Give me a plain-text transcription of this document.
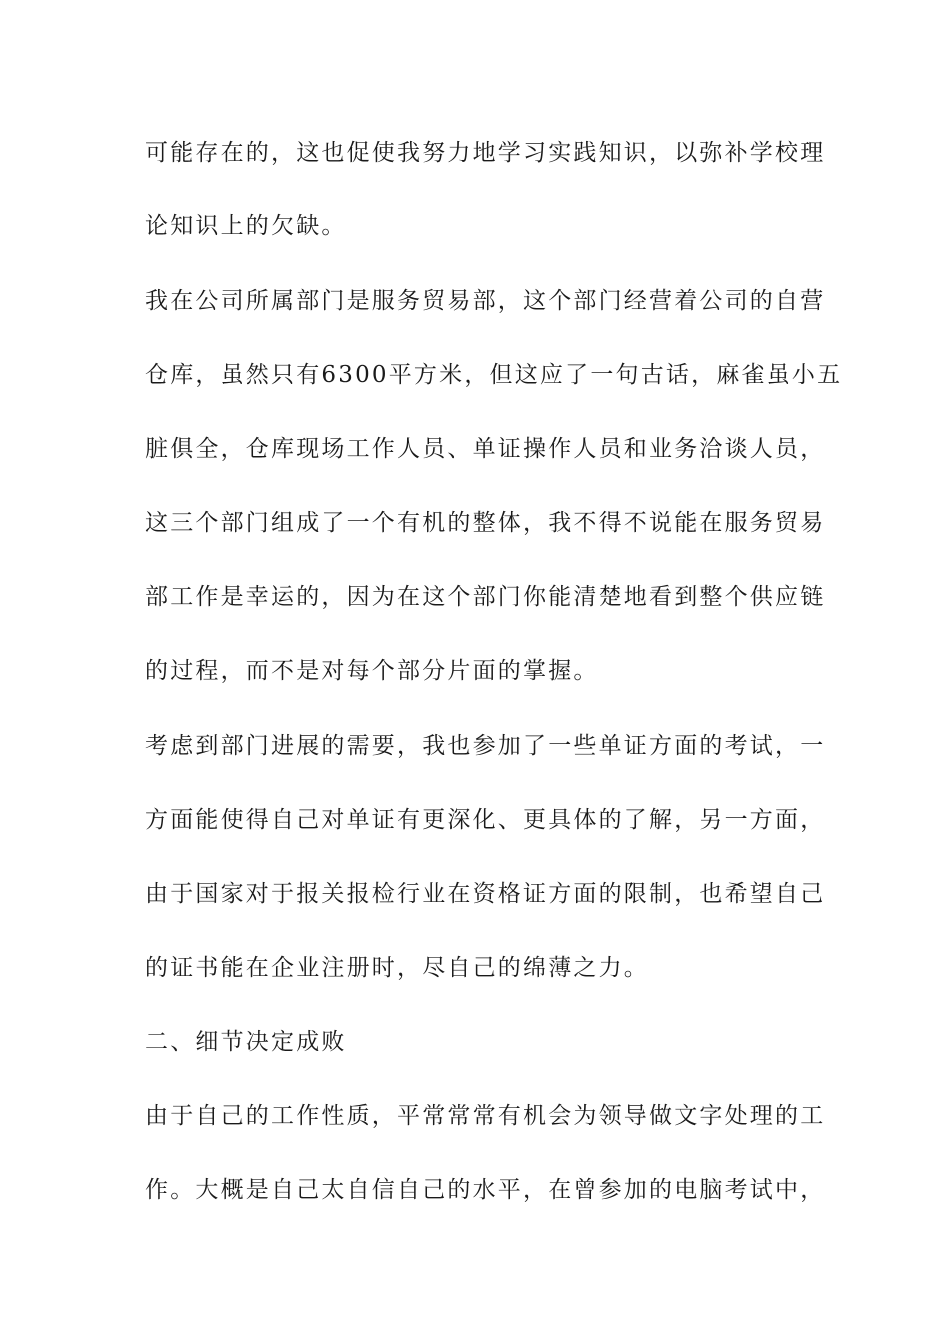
可能存在的，这也促使我努力地学习实践知识，以弥补学校理
论知识上的欠缺。
我在公司所属部门是服务贸易部，这个部门经营着公司的自营
仓库，虽然只有6300平方米，但这应了一句古话，麻雀虽小五
脏俱全，仓库现场工作人员、单证操作人员和业务洽谈人员，
这三个部门组成了一个有机的整体，我不得不说能在服务贸易
部工作是幸运的，因为在这个部门你能清楚地看到整个供应链
的过程，而不是对每个部分片面的掌握。
考虑到部门进展的需要，我也参加了一些单证方面的考试，一
方面能使得自己对单证有更深化、更具体的了解，另一方面，
由于国家对于报关报检行业在资格证方面的限制，也希望自己
的证书能在企业注册时，尽自己的绵薄之力。
二、细节决定成败
由于自己的工作性质，平常常常有机会为领导做文字处理的工
作。大概是自己太自信自己的水平，在曾参加的电脑考试中，
